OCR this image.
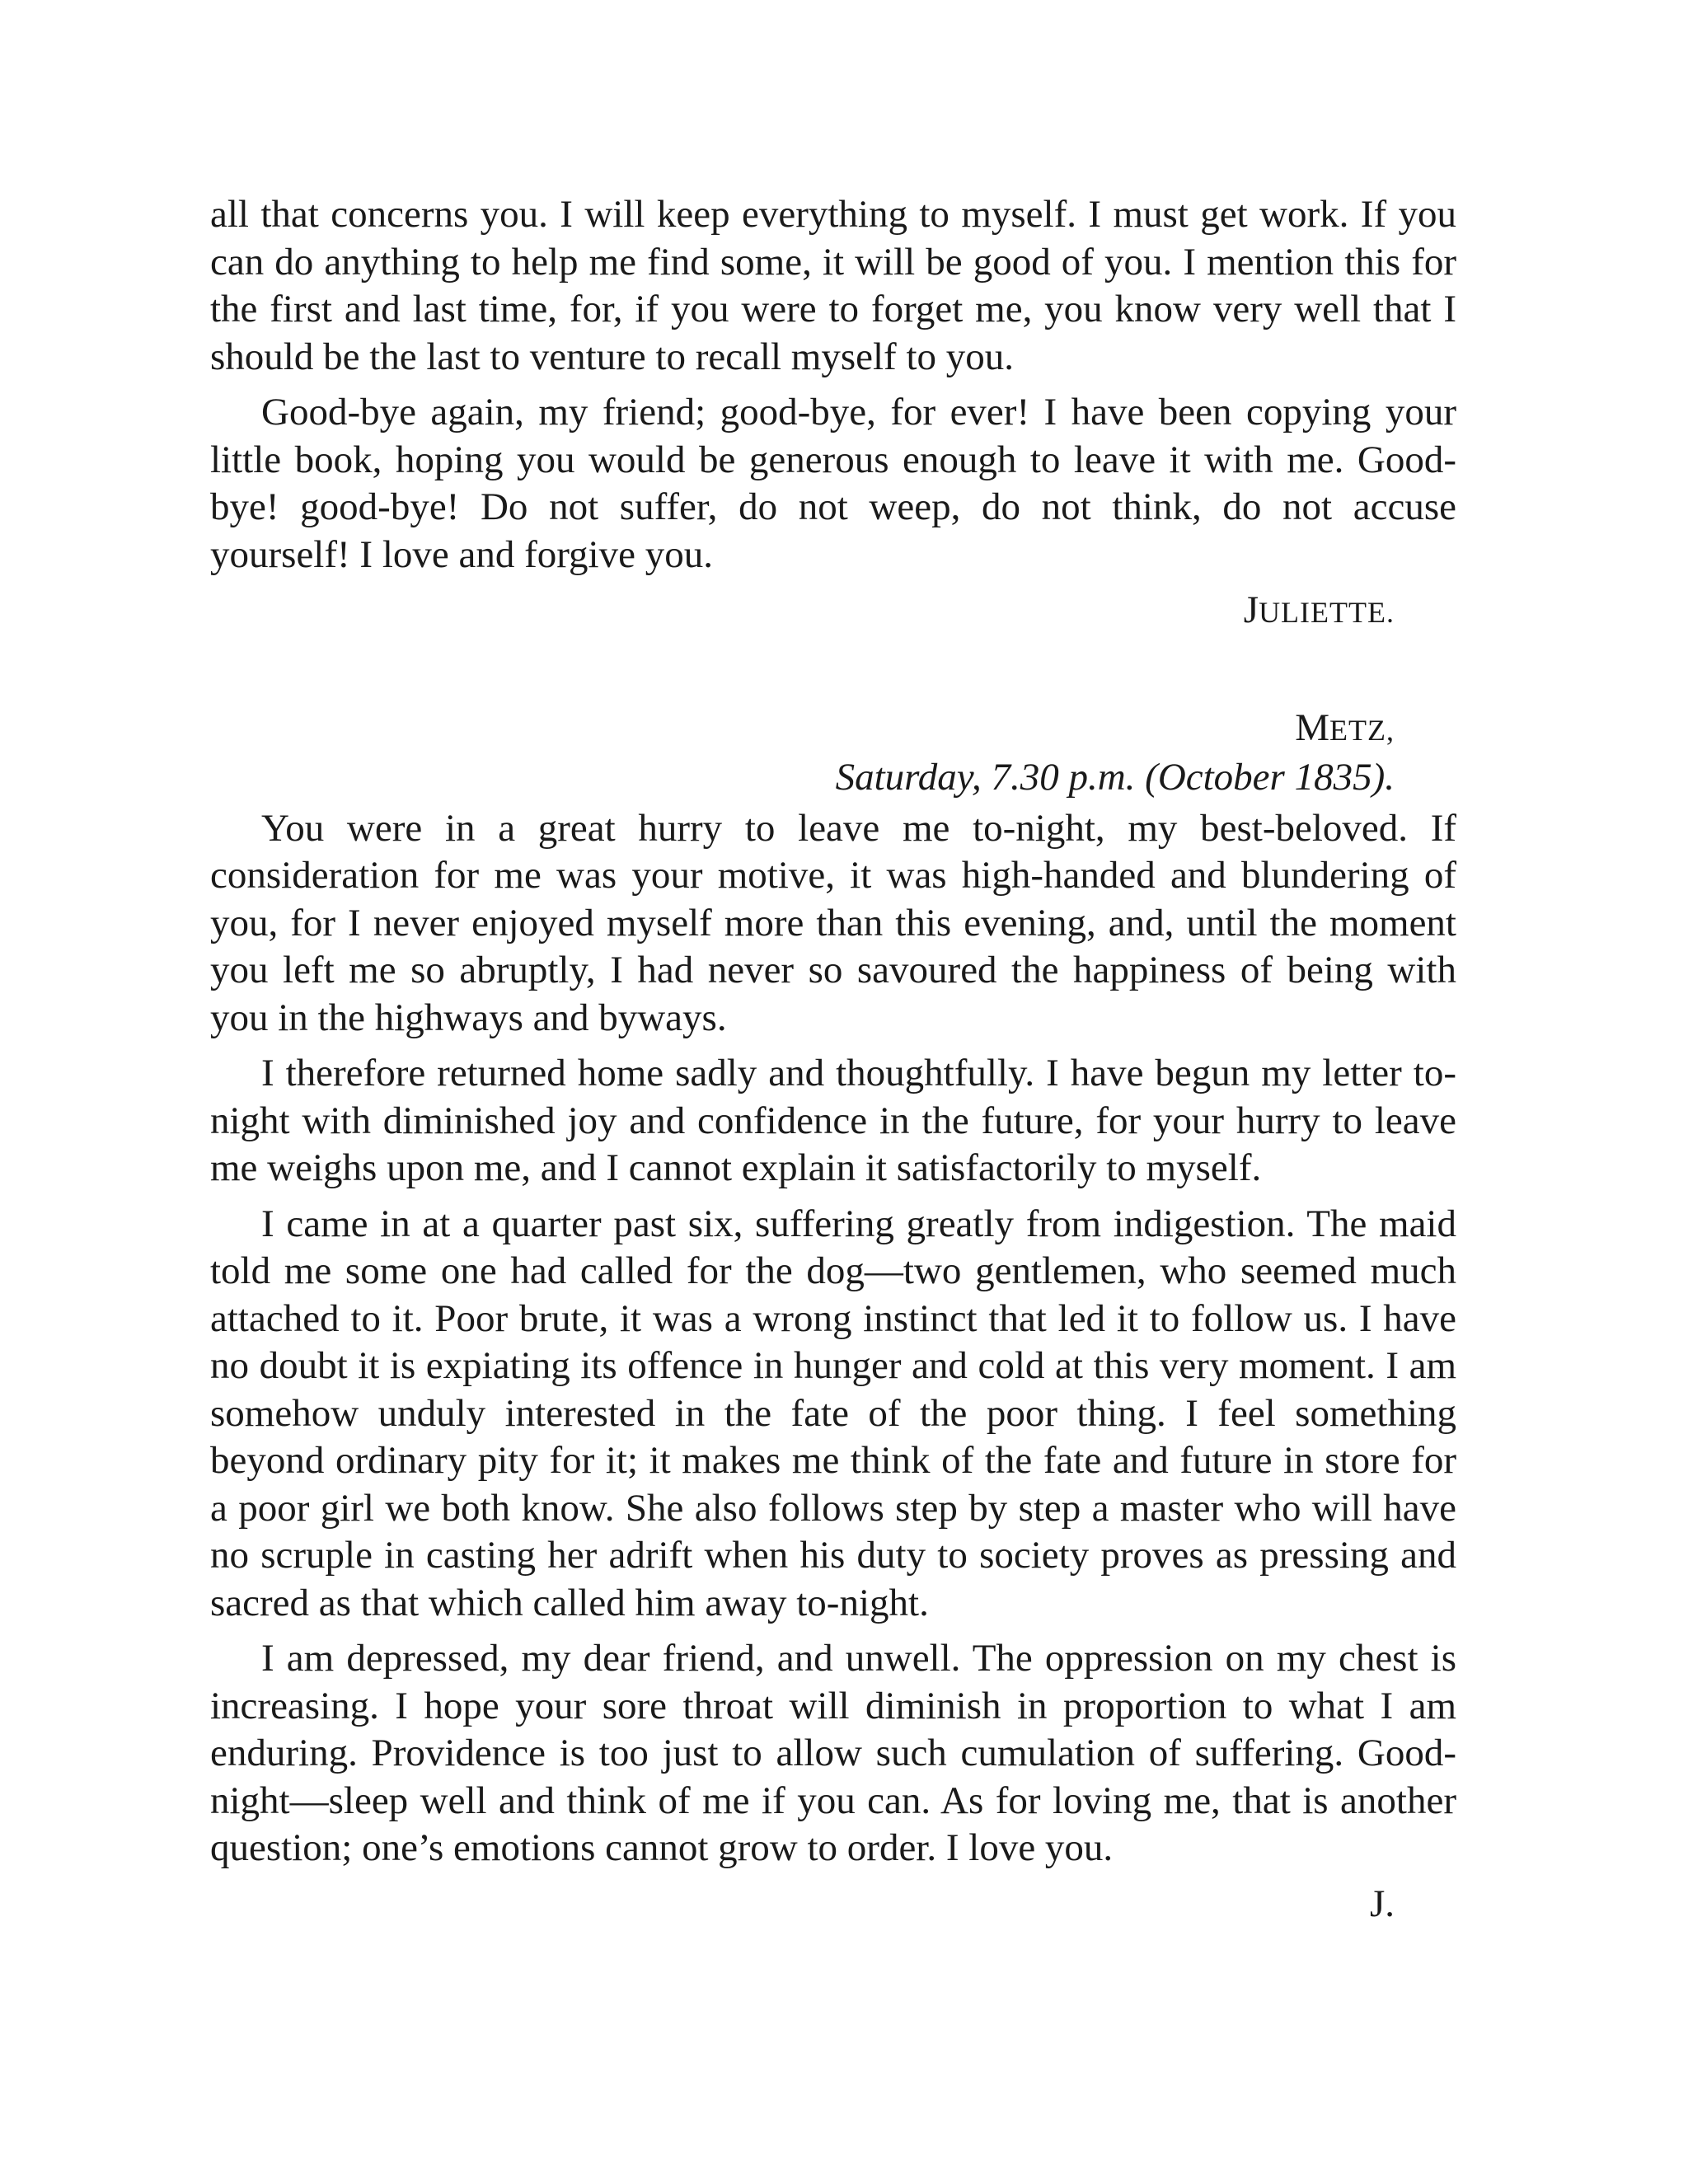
all that concerns you. I will keep everything to myself. I must get work. If you can do anything to help me find some, it will be good of you. I mention this for the first and last time, for, if you were to forget me, you know very well that I should be the last to venture to recall myself to you.

Good-bye again, my friend; good-bye, for ever! I have been copying your little book, hoping you would be generous enough to leave it with me. Good-bye! good-bye! Do not suffer, do not weep, do not think, do not accuse yourself! I love and forgive you.

JULIETTE.

METZ,

Saturday, 7.30 p.m. (October 1835).

You were in a great hurry to leave me to-night, my best-beloved. If consideration for me was your motive, it was high-handed and blundering of you, for I never enjoyed myself more than this evening, and, until the moment you left me so abruptly, I had never so savoured the happiness of being with you in the highways and byways.

I therefore returned home sadly and thoughtfully. I have begun my letter to-night with diminished joy and confidence in the future, for your hurry to leave me weighs upon me, and I cannot explain it satisfactorily to myself.

I came in at a quarter past six, suffering greatly from indigestion. The maid told me some one had called for the dog—two gentlemen, who seemed much attached to it. Poor brute, it was a wrong instinct that led it to follow us. I have no doubt it is expiating its offence in hunger and cold at this very moment. I am somehow unduly interested in the fate of the poor thing. I feel something beyond ordinary pity for it; it makes me think of the fate and future in store for a poor girl we both know. She also follows step by step a master who will have no scruple in casting her adrift when his duty to society proves as pressing and sacred as that which called him away to-night.

I am depressed, my dear friend, and unwell. The oppression on my chest is increasing. I hope your sore throat will diminish in proportion to what I am enduring. Providence is too just to allow such cumulation of suffering. Good-night—sleep well and think of me if you can. As for loving me, that is another question; one’s emotions cannot grow to order. I love you.

J.
